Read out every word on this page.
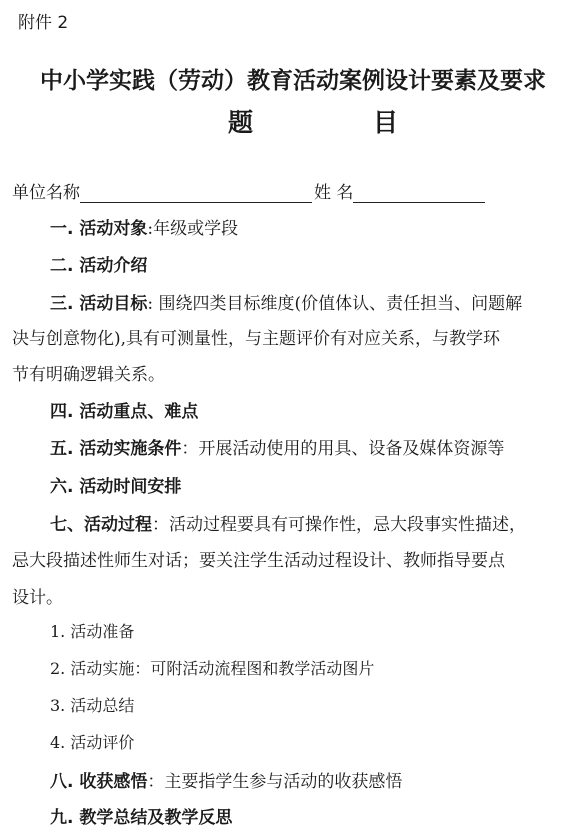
附件 2
中小学实践（劳动）教育活动案例设计要素及要求
题	目
单位名称	姓 名
一. 活动对象:年级或学段
二. 活动介绍
三. 活动目标: 围绕四类目标维度(价值体认、责任担当、问题解
决与创意物化),具有可测量性，与主题评价有对应关系，与教学环
节有明确逻辑关系。
四. 活动重点、难点
五. 活动实施条件：开展活动使用的用具、设备及媒体资源等
六. 活动时间安排
七、活动过程：活动过程要具有可操作性，忌大段事实性描述，
忌大段描述性师生对话；要关注学生活动过程设计、教师指导要点
设计。
1. 活动准备
2. 活动实施：可附活动流程图和教学活动图片
3. 活动总结
4. 活动评价
八. 收获感悟：主要指学生参与活动的收获感悟
九. 教学总结及教学反思
